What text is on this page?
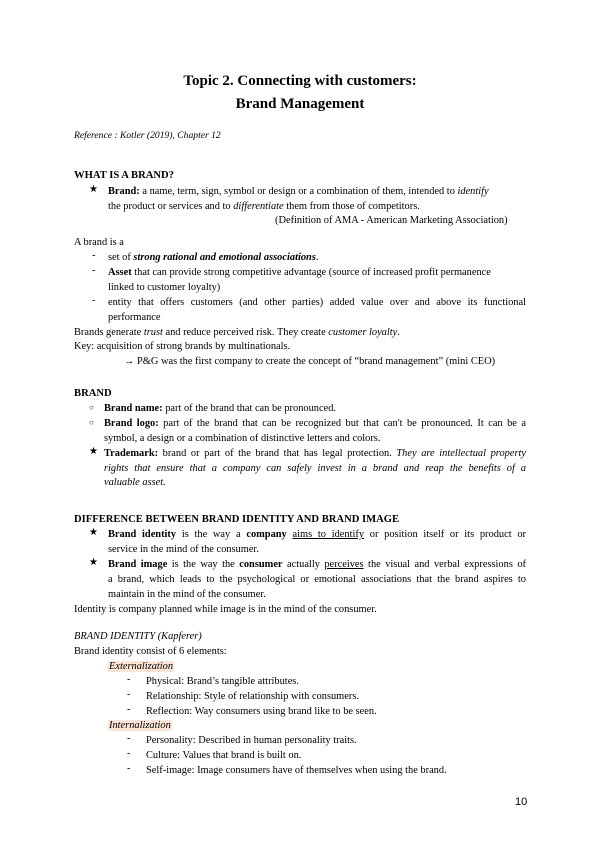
Topic 2. Connecting with customers:
Brand Management
Reference : Kotler (2019), Chapter 12
WHAT IS A BRAND?
★ Brand: a name, term, sign, symbol or design or a combination of them, intended to identify
the product or services and to differentiate them from those of competitors.
(Definition of AMA - American Marketing Association)
A brand is a
- set of strong rational and emotional associations.
- Asset that can provide strong competitive advantage (source of increased profit permanence
linked to customer loyalty)
- entity that offers customers (and other parties) added value over and above its functional
performance
Brands generate trust and reduce perceived risk. They create customer loyalty.
Key: acquisition of strong brands by multinationals.
→ P&G was the first company to create the concept of “brand management” (mini CEO)
BRAND
○ Brand name: part of the brand that can be pronounced.
○ Brand logo: part of the brand that can be recognized but that can't be pronounced. It can be a
symbol, a design or a combination of distinctive letters and colors.
★ Trademark: brand or part of the brand that has legal protection. They are intellectual property
rights that ensure that a company can safely invest in a brand and reap the benefits of a
valuable asset.
DIFFERENCE BETWEEN BRAND IDENTITY AND BRAND IMAGE
★ Brand identity is the way a company aims to identify or position itself or its product or
service in the mind of the consumer.
★ Brand image is the way the consumer actually perceives the visual and verbal expressions of
a brand, which leads to the psychological or emotional associations that the brand aspires to
maintain in the mind of the consumer.
Identity is company planned while image is in the mind of the consumer.
BRAND IDENTITY (Kapferer)
Brand identity consist of 6 elements:
Externalization
- Physical: Brand’s tangible attributes.
- Relationship: Style of relationship with consumers.
- Reflection: Way consumers using brand like to be seen.
Internalization
- Personality: Described in human personality traits.
- Culture: Values that brand is built on.
- Self-image: Image consumers have of themselves when using the brand.
10
